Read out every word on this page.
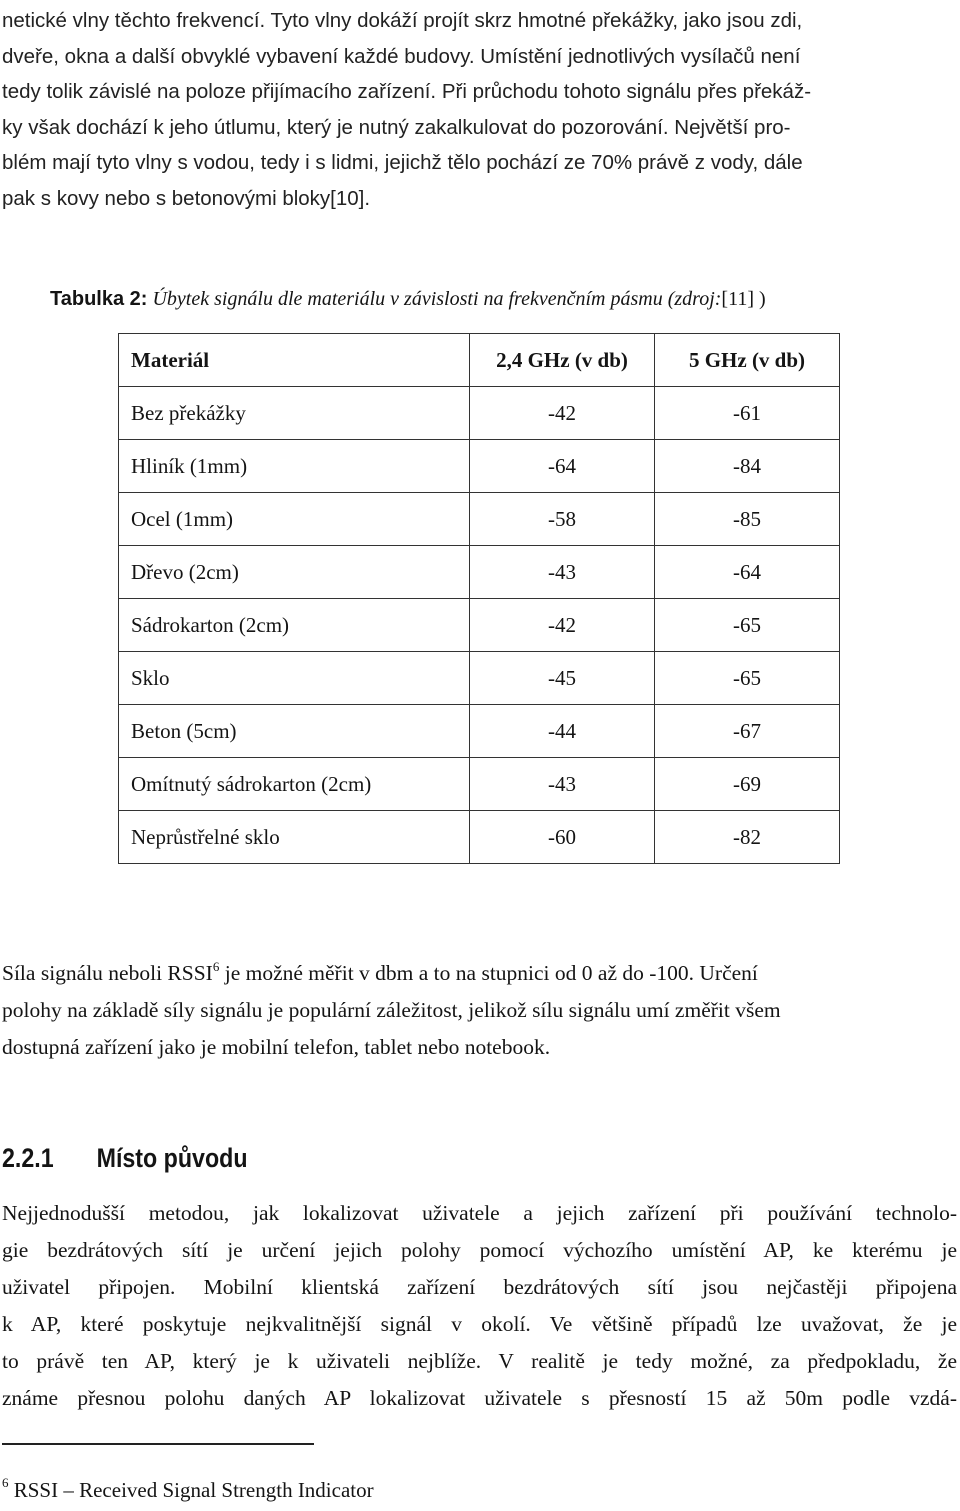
netické vlny těchto frekvencí. Tyto vlny dokáží projít skrz hmotné překážky, jako jsou zdi,
dveře, okna a další obvyklé vybavení každé budovy. Umístění jednotlivých vysílačů není
tedy tolik závislé na poloze přijímacího zařízení. Při průchodu tohoto signálu přes překáž-
ky však dochází k jeho útlumu, který je nutný zakalkulovat do pozorování. Největší pro-
blém mají tyto vlny s vodou, tedy i s lidmi, jejichž tělo pochází ze 70% právě z vody, dále
pak s kovy nebo s betonovými bloky[10].
Tabulka 2: Úbytek signálu dle materiálu v závislosti na frekvenčním pásmu (zdroj:[11] )
Materiál	2,4 GHz (v db)	5 GHz (v db)
Bez překážky	-42	-61
Hliník (1mm)	-64	-84
Ocel (1mm)	-58	-85
Dřevo (2cm)	-43	-64
Sádrokarton (2cm)	-42	-65
Sklo	-45	-65
Beton (5cm)	-44	-67
Omítnutý sádrokarton (2cm)	-43	-69
Neprůstřelné sklo	-60	-82
Síla signálu neboli RSSI$^6$ je možné měřit v dbm a to na stupnici od 0 až do -100. Určení
polohy na základě síly signálu je populární záležitost, jelikož sílu signálu umí změřit všem
dostupná zařízení jako je mobilní telefon, tablet nebo notebook.
2.2.1 Místo původu
Nejjednodušší metodou, jak lokalizovat uživatele a jejich zařízení při používání technolo-
gie bezdrátových sítí je určení jejich polohy pomocí výchozího umístění AP, ke kterému je
uživatel připojen. Mobilní klientská zařízení bezdrátových sítí jsou nejčastěji připojena
k AP, které poskytuje nejkvalitnější signál v okolí. Ve většině případů lze uvažovat, že je
to právě ten AP, který je k uživateli nejblíže. V realitě je tedy možné, za předpokladu, že
známe přesnou polohu daných AP lokalizovat uživatele s přesností 15 až 50m podle vzdá-
$^6$ RSSI – Received Signal Strength Indicator
